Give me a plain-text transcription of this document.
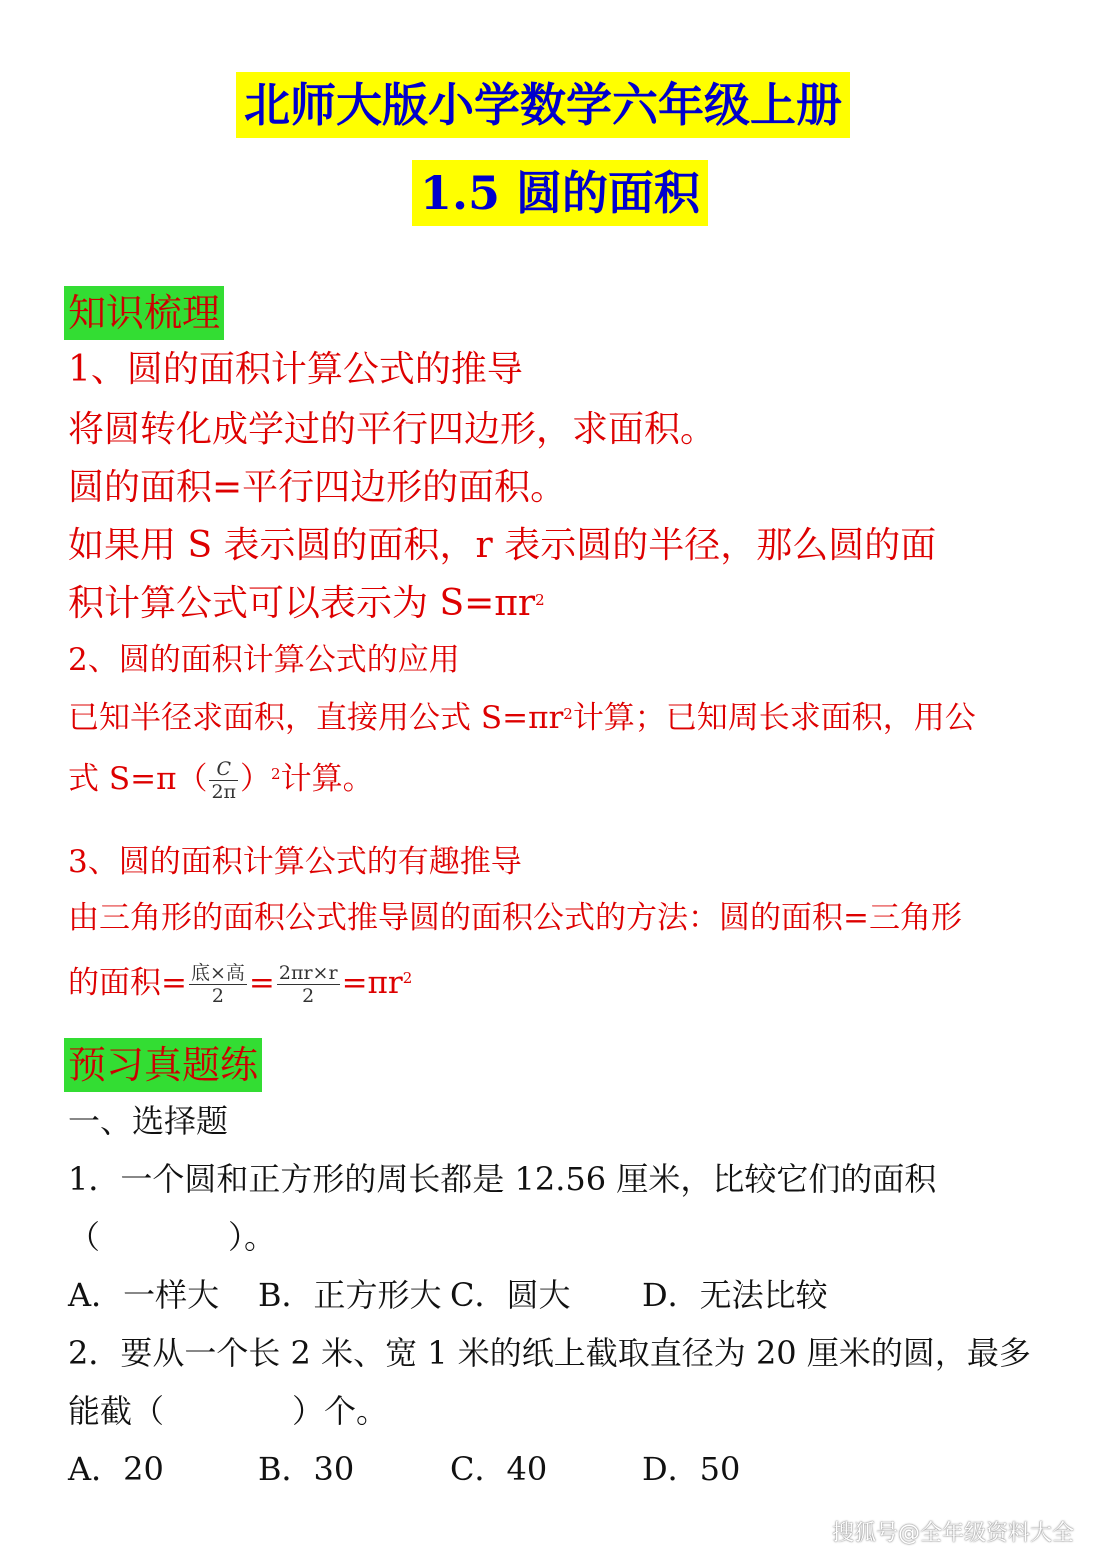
北师大版小学数学六年级上册
1.5 圆的面积
知识梳理
1、圆的面积计算公式的推导
将圆转化成学过的平行四边形，求面积。
圆的面积=平行四边形的面积。
如果用 S 表示圆的面积，r 表示圆的半径，那么圆的面
积计算公式可以表示为 $S=\pi r^2$
2、圆的面积计算公式的应用
已知半径求面积，直接用公式 $S=\pi r^2$计算；已知周长求面积，用公
式 $S=\pi( \frac{C}{2\pi} )^2$计算。
3、圆的面积计算公式的有趣推导
由三角形的面积公式推导圆的面积公式的方法：圆的面积=三角形
的面积= $\frac{\text{底×高}}{2} = \frac{2\pi r\times r}{2} =\pi r^2$
预习真题练
一、选择题
1．一个圆和正方形的周长都是 12.56 厘米，比较它们的面积
（　　　　）。
A．一样大 B．正方形大 C．圆大 D．无法比较
2．要从一个长 2 米、宽 1 米的纸上截取直径为 20 厘米的圆，最多
能截（　　　　）个。
A．20	B．30	C．40	D．50
搜狐号@全年级资料大全
